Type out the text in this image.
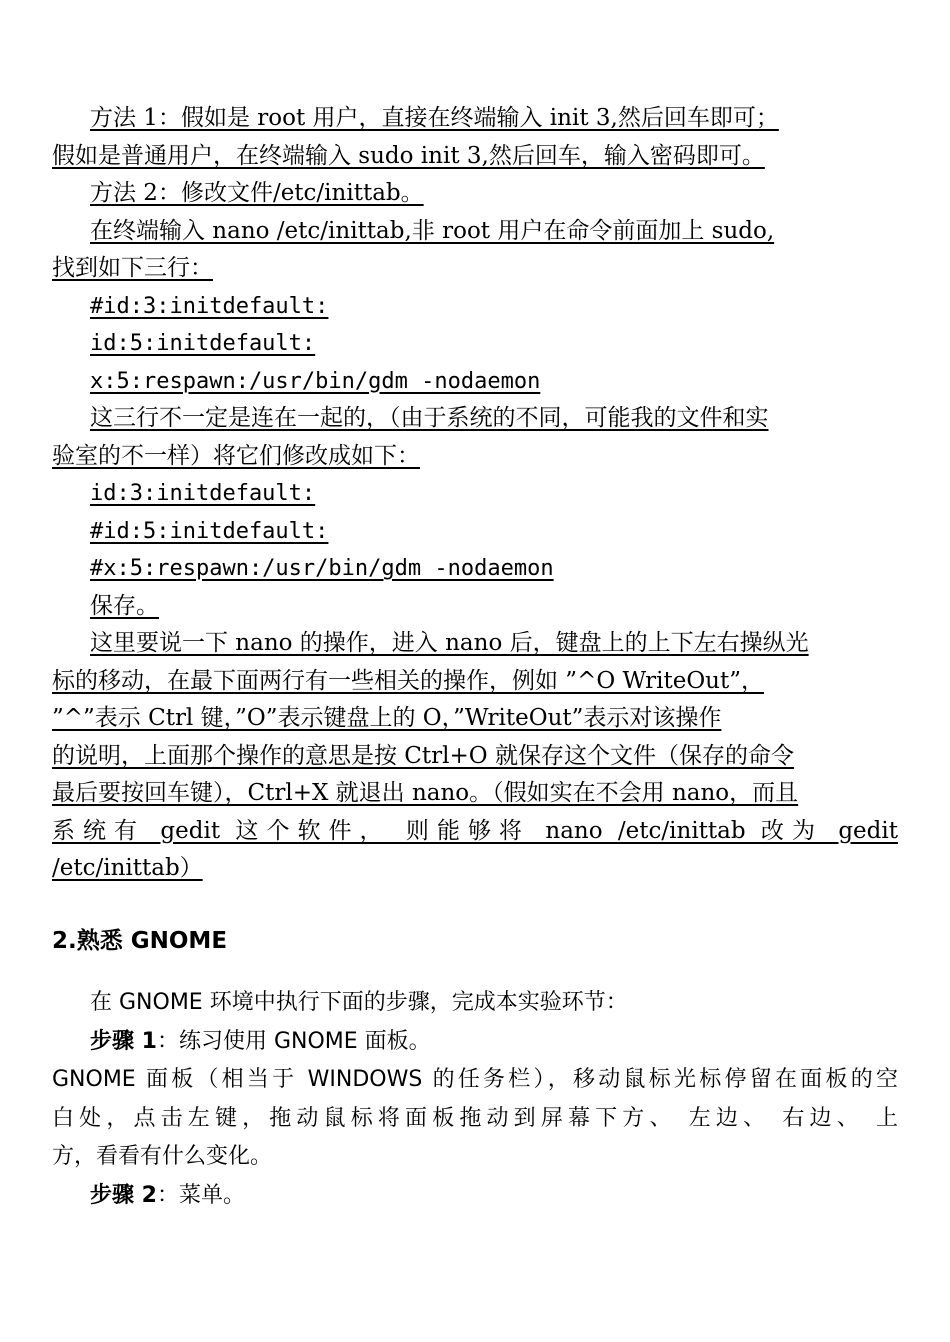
方法 1：假如是 root 用户，直接在终端输入 init 3,然后回车即可；

假如是普通用户，在终端输入 sudo init 3,然后回车，输入密码即可。

方法 2：修改文件/etc/inittab。

在终端输入 nano /etc/inittab,非 root 用户在命令前面加上 sudo,

找到如下三行：

#id:3:initdefault:

id:5:initdefault:

x:5:respawn:/usr/bin/gdm -nodaemon

这三行不一定是连在一起的，（由于系统的不同，可能我的文件和实

验室的不一样）将它们修改成如下：

id:3:initdefault:

#id:5:initdefault:

#x:5:respawn:/usr/bin/gdm -nodaemon

保存。

这里要说一下 nano 的操作，进入 nano 后，键盘上的上下左右操纵光

标的移动，在最下面两行有一些相关的操作，例如 ”^O WriteOut”，

”^”表示 Ctrl 键，”O”表示键盘上的 O，”WriteOut”表示对该操作

的说明，上面那个操作的意思是按 Ctrl+O 就保存这个文件（保存的命令

最后要按回车键），Ctrl+X 就退出 nano。（假如实在不会用 nano，而且

系统有 gedit 这个软件， 则能够将 nano /etc/inittab 改为 gedit

/etc/inittab）

2.熟悉 GNOME

在 GNOME 环境中执行下面的步骤，完成本实验环节：

步骤 1：练习使用 GNOME 面板。

GNOME 面板（相当于 WINDOWS 的任务栏），移动鼠标光标停留在面板的空

白处，点击左键，拖动鼠标将面板拖动到屏幕下方、 左边、 右边、 上

方，看看有什么变化。

步骤 2：菜单。
